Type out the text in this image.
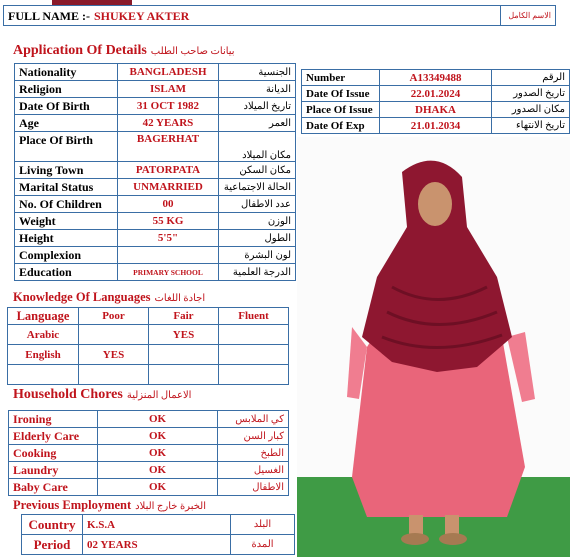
FULL NAME :- SHUKEY AKTER	الاسم الكامل
Application Of Details بيانات صاحب الطلب
Nationality	BANGLADESH	الجنسية
Religion	ISLAM	الديانة
Date Of Birth	31 OCT 1982	تاريخ الميلاد
Age	42 YEARS	العمر
Place Of Birth	BAGERHAT	مكان الميلاد
Living Town	PATORPATA	مكان السكن
Marital Status	UNMARRIED	الحالة الاجتماعية
No. Of Children	00	عدد الاطفال
Weight	55 KG	الوزن
Height	5'5"	الطول
Complexion		لون البشرة
Education	PRIMARY SCHOOL	الدرجة العلمية
Number	A13349488	الرقم
Date Of Issue	22.01.2024	تاريخ الصدور
Place Of Issue	DHAKA	مكان الصدور
Date Of Exp	21.01.2034	تاريخ الانتهاء
Knowledge Of Languages اجادة اللغات
Language	Poor	Fair	Fluent
Arabic		YES	
English	YES		

Household Chores الاعمال المنزلية
Ironing	OK	كي الملابس
Elderly Care	OK	كبار السن
Cooking	OK	الطبخ
Laundry	OK	الغسيل
Baby Care	OK	الاطفال
Previous Employment الخبرة خارج البلاد
Country	K.S.A	البلد
Period	02 YEARS	المدة
